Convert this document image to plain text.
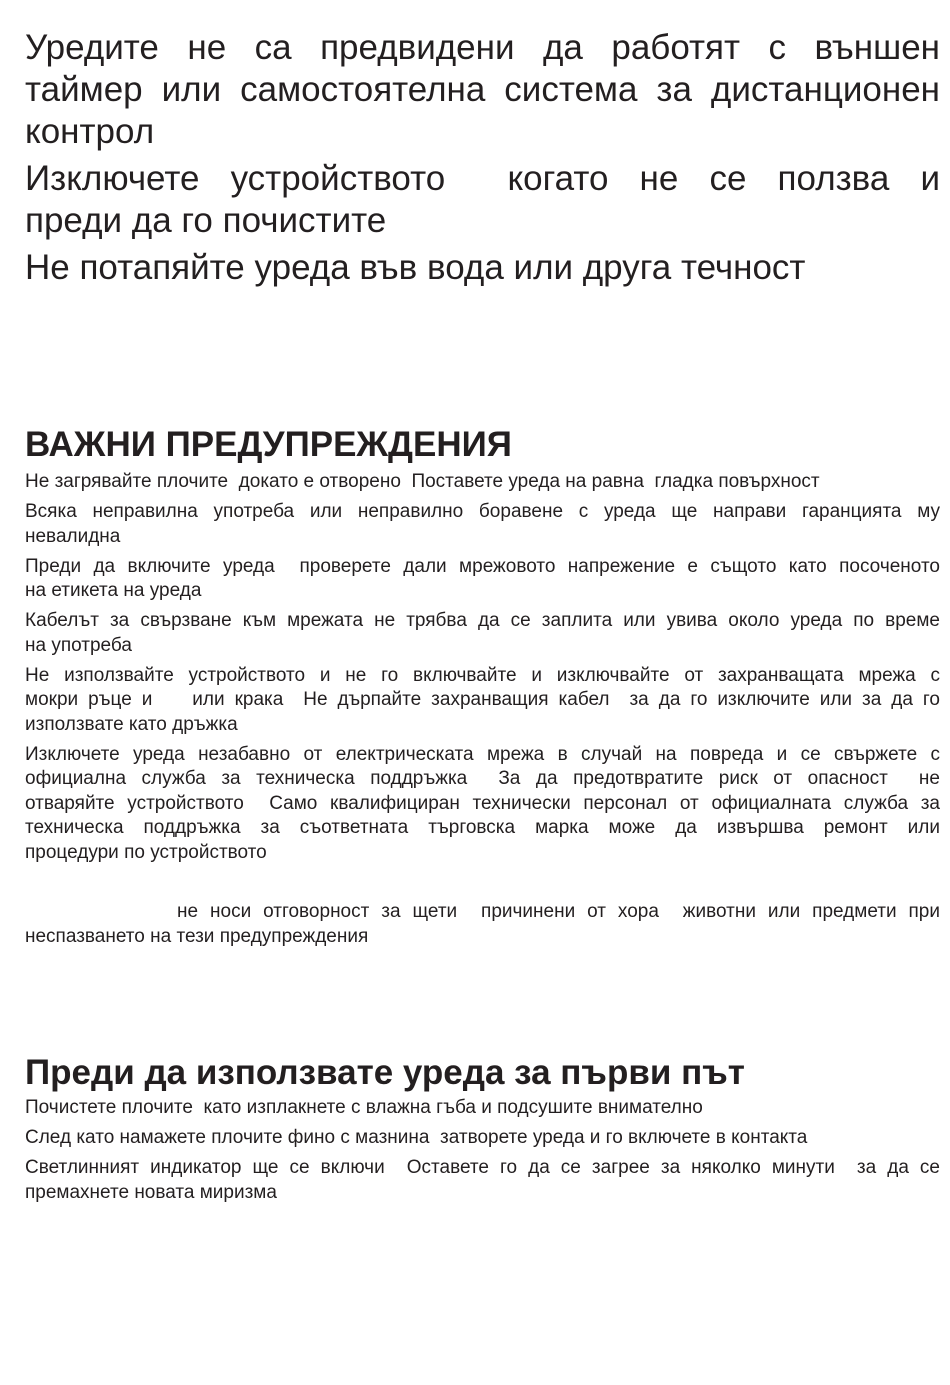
Уредите не са предвидени да работят с външен
таймер или самостоятелна система за дистанционен
контрол
Изключете устройството  когато не се ползва и
преди да го почистите
Не потапяйте уреда във вода или друга течност
ВАЖНИ ПРЕДУПРЕЖДЕНИЯ
Не загрявайте плочите  докато е отворено  Поставете уреда на равна  гладка повърхност
Всяка неправилна употреба или неправилно боравене с уреда ще направи гаранцията му
невалидна
Преди да включите уреда  проверете дали мрежовото напрежение е същото като посоченото
на етикета на уреда
Кабелът за свързване към мрежата не трябва да се заплита или увива около уреда по време
на употреба
Не използвайте устройството и не го включвайте и изключвайте от захранващата мрежа с
мокри ръце и    или крака  Не дърпайте захранващия кабел  за да го изключите или за да го
използвате като дръжка
Изключете уреда незабавно от електрическата мрежа в случай на повреда и се свържете с
официална служба за техническа поддръжка  За да предотвратите риск от опасност  не
отваряйте устройството  Само квалифициран технически персонал от официалната служба за
техническа поддръжка за съответната търговска марка може да извършва ремонт или
процедури по устройството
не носи отговорност за щети  причинени от хора  животни или предмети при
неспазването на тези предупреждения
Преди да използвате уреда за първи път
Почистете плочите  като изплакнете с влажна гъба и подсушите внимателно
След като намажете плочите фино с мазнина  затворете уреда и го включете в контакта
Светлинният индикатор ще се включи  Оставете го да се загрее за няколко минути  за да се
премахнете новата миризма
